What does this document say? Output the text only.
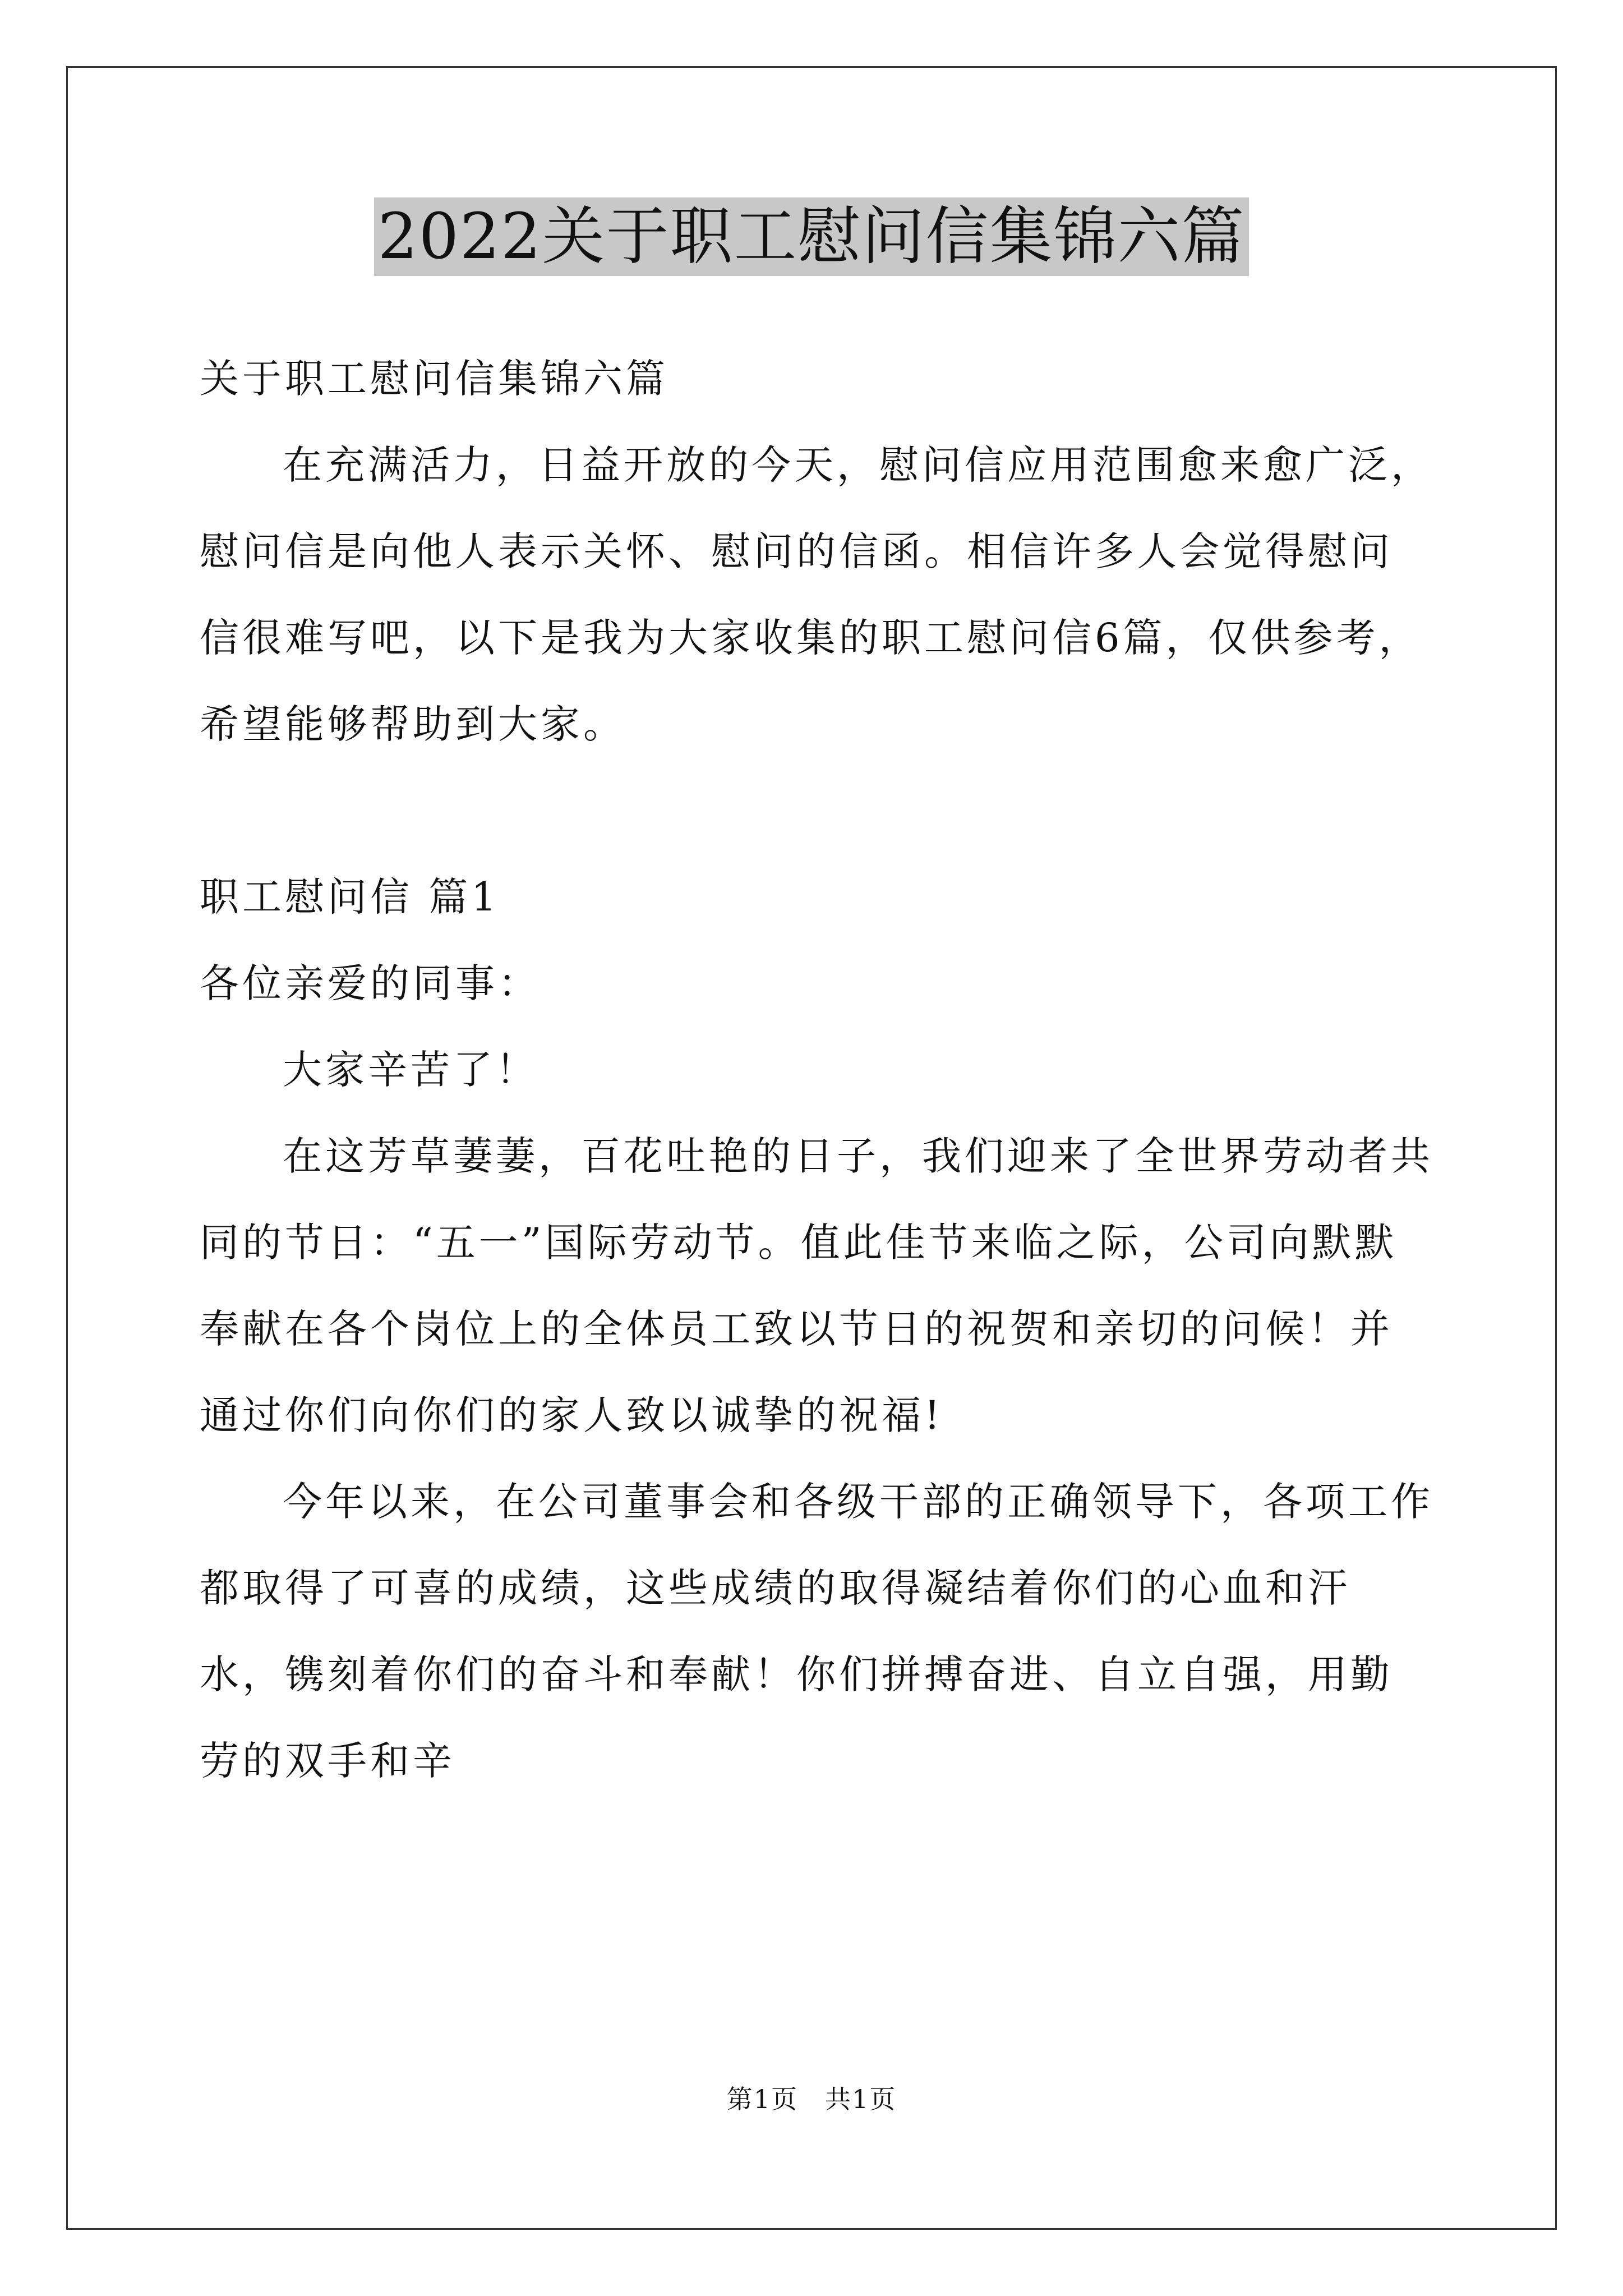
2022关于职工慰问信集锦六篇

关于职工慰问信集锦六篇

在充满活力，日益开放的今天，慰问信应用范围愈来愈广泛，慰问信是向他人表示关怀、慰问的信函。相信许多人会觉得慰问信很难写吧，以下是我为大家收集的职工慰问信6篇，仅供参考，希望能够帮助到大家。

职工慰问信 篇1

各位亲爱的同事：

大家辛苦了！

在这芳草萋萋，百花吐艳的日子，我们迎来了全世界劳动者共同的节日：“五一”国际劳动节。值此佳节来临之际，公司向默默奉献在各个岗位上的全体员工致以节日的祝贺和亲切的问候！并通过你们向你们的家人致以诚挚的祝福!

今年以来，在公司董事会和各级干部的正确领导下，各项工作都取得了可喜的成绩，这些成绩的取得凝结着你们的心血和汗水，镌刻着你们的奋斗和奉献！你们拼搏奋进、自立自强，用勤劳的双手和辛

第1页　共1页
